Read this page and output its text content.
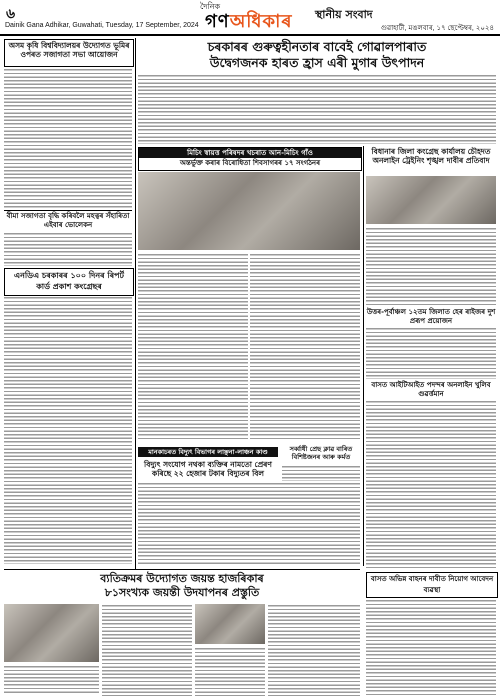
৬	দৈনিক
গণঅধিকাৰ স্থানীয় সংবাদ
Dainik Gana Adhikar, Guwahati, Tuesday, 17 September, 2024	গুৱাহাটী, মঙলবাৰ, ১৭ ছেপ্টেম্বৰ, ২০২৪
অসম কৃষি বিশ্ববিদ্যালয়ৰ উদ্যোগত ভূমিৰ ওপৰত সজাগতা সভা আয়োজন
বীমা সজাগতা বৃদ্ধি কৰিবলৈ মহত্বৰ সঁহাৰিতা এইবাৰ ভোলেকন
এনডিএ চৰকাৰৰ ১০০ দিনৰ ৰিপৰ্ট কাৰ্ড প্ৰকাশ কংগ্ৰেছৰ
চৰকাৰৰ গুৰুত্বহীনতাৰ বাবেই গোৱালপাৰাত
উদ্বেগজনক হাৰত হ্ৰাস এৰী মুগাৰ উৎপাদন
মিচিং স্বায়ত্ত পৰিষদৰ খচৰাত আন-মিচিং গাঁও
অন্তৰ্ভুক্ত কৰাৰ বিৰোধিতা শিবসাগৰৰ ১৭ সংগঠনৰ
বিধানাৰ জিলা কংগ্ৰেছ কাৰ্যালয় চৌহদত অনলাইন ট্ৰেইনিং শৃঙ্খল দাবীৰ প্ৰতিবাদ
উত্তৰ-পূৰ্বাঞ্চল ১২তম জিলাত হেৰ ৰাইজৰ দুশ প্ৰৰূপ প্ৰয়োজন
বাসত আইটিআইত পদন্দৰ অনলাইন খুলিব গুৱৰ্ত্তমান
সৰ্ব্বাধী প্ৰেছ ক্লাৱ বাৰিত বিশিষ্টজনৰ আৰু কৰ্মত
মানকাচৰত বিদ্যুৎ বিভাগৰ লাঞ্ছনা-লাঞ্চন কাণ্ড
বিদ্যুৎ সংযোগ নথকা ব্যক্তিৰ নামতো প্ৰেৰণ কৰিছে ২২ হেজাৰ টকাৰ বিদ্যুতৰ বিল
ব্যতিক্ৰমৰ উদ্যোগত জয়ন্ত হাজৰিকাৰ
৮১সংখ্যক জয়ন্তী উদযাপনৰ প্ৰস্তুতি
বাসত অভিন্ন বাহনৰ দাবীত নিয়োগ আবেদন ব্যৱস্থা
